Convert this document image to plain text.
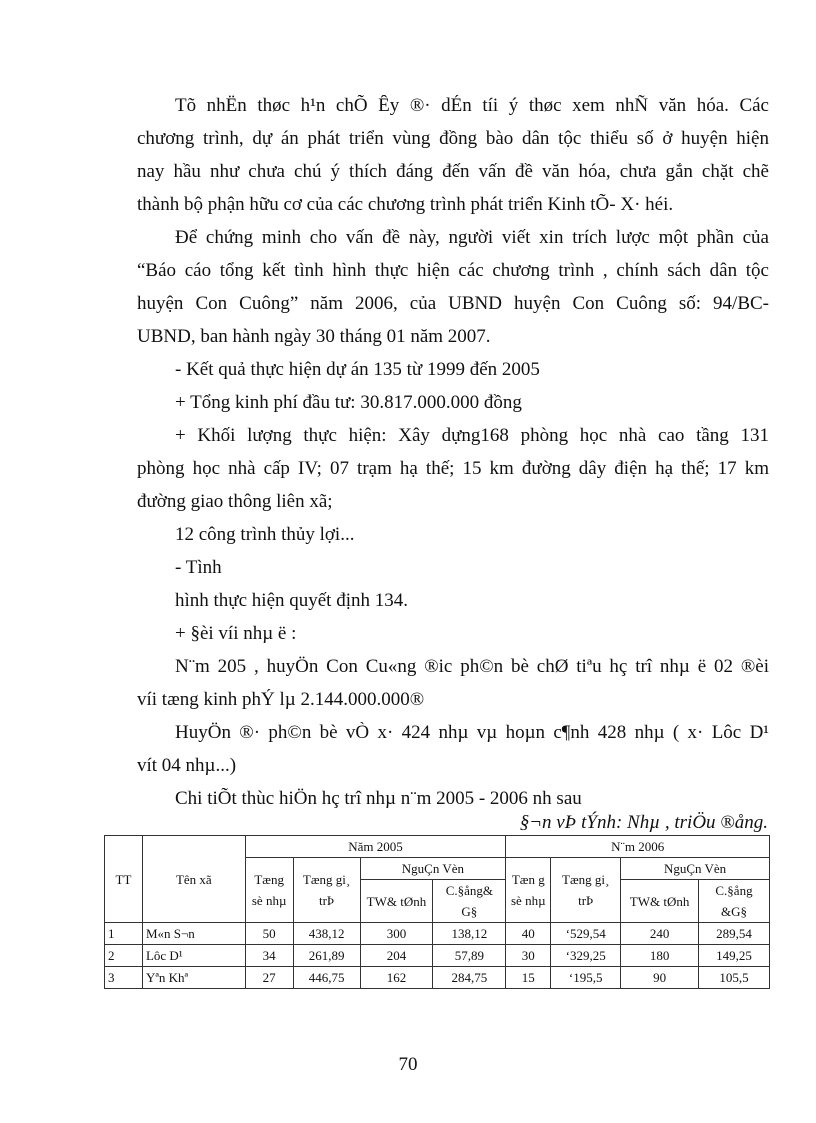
Tõ nhËn thøc h¹n chÕ Êy ®· dÉn tíi ý thøc xem nhÑ văn hóa. Các
chương trình, dự án phát triển vùng đồng bào dân tộc thiểu số ở huyện hiện
nay hầu như chưa chú ý thích đáng đến vấn đề văn hóa, chưa gắn chặt chẽ
thành bộ phận hữu cơ của các chương trình phát triển Kinh tÕ- X· héi.
Để chứng minh cho vấn đề này, người viết xin trích lược một phần của
“Báo cáo tổng kết tình hình thực hiện các chương trình , chính sách dân tộc
huyện Con Cuông” năm 2006, của UBND huyện Con Cuông số: 94/BC-
UBND, ban hành ngày 30 tháng 01 năm 2007.
- Kết quả thực hiện dự án 135 từ 1999 đến 2005
+ Tổng kinh phí đầu tư: 30.817.000.000 đồng
+ Khối lượng thực hiện: Xây dựng168 phòng học nhà cao tầng 131
phòng học nhà cấp IV; 07 trạm hạ thế; 15 km đường dây điện hạ thế; 17 km
đường giao thông liên xã;
12 công trình thủy lợi...
- Tình
hình thực hiện quyết định 134.
+ §èi víi nhµ ë :
N¨m 205 , huyÖn Con Cu«ng ®ic ph©n bè chØ tiªu hç trî nhµ ë 02 ®èi
víi tæng kinh phÝ lµ 2.144.000.000®
HuyÖn ®· ph©n bè vÒ x· 424 nhµ vµ hoµn c¶nh 428 nhµ ( x· Lôc D¹
vít 04 nhµ...)
Chi tiÕt thùc hiÖn hç trî nhµ n¨m 2005 - 2006 nh sau
§¬n vÞ tÝnh: Nhµ , triÖu ®ång.
TT	Tên xã	Năm 2005				N¨m 2006			
		Tæng sè nhµ	Tæng gi¸ trÞ	NguÇn Vèn		Tæn g sè nhµ	Tæng gi¸ trÞ	NguÇn Vèn	
				TW& tØnh	C.§ång& G§			TW& tØnh	C.§ång &G§
1	M«n S¬n	50	438,12	300	138,12	40	‘529,54	240	289,54
2	Lôc D¹	34	261,89	204	57,89	30	‘329,25	180	149,25
3	Yªn Khª	27	446,75	162	284,75	15	‘195,5	90	105,5
70
